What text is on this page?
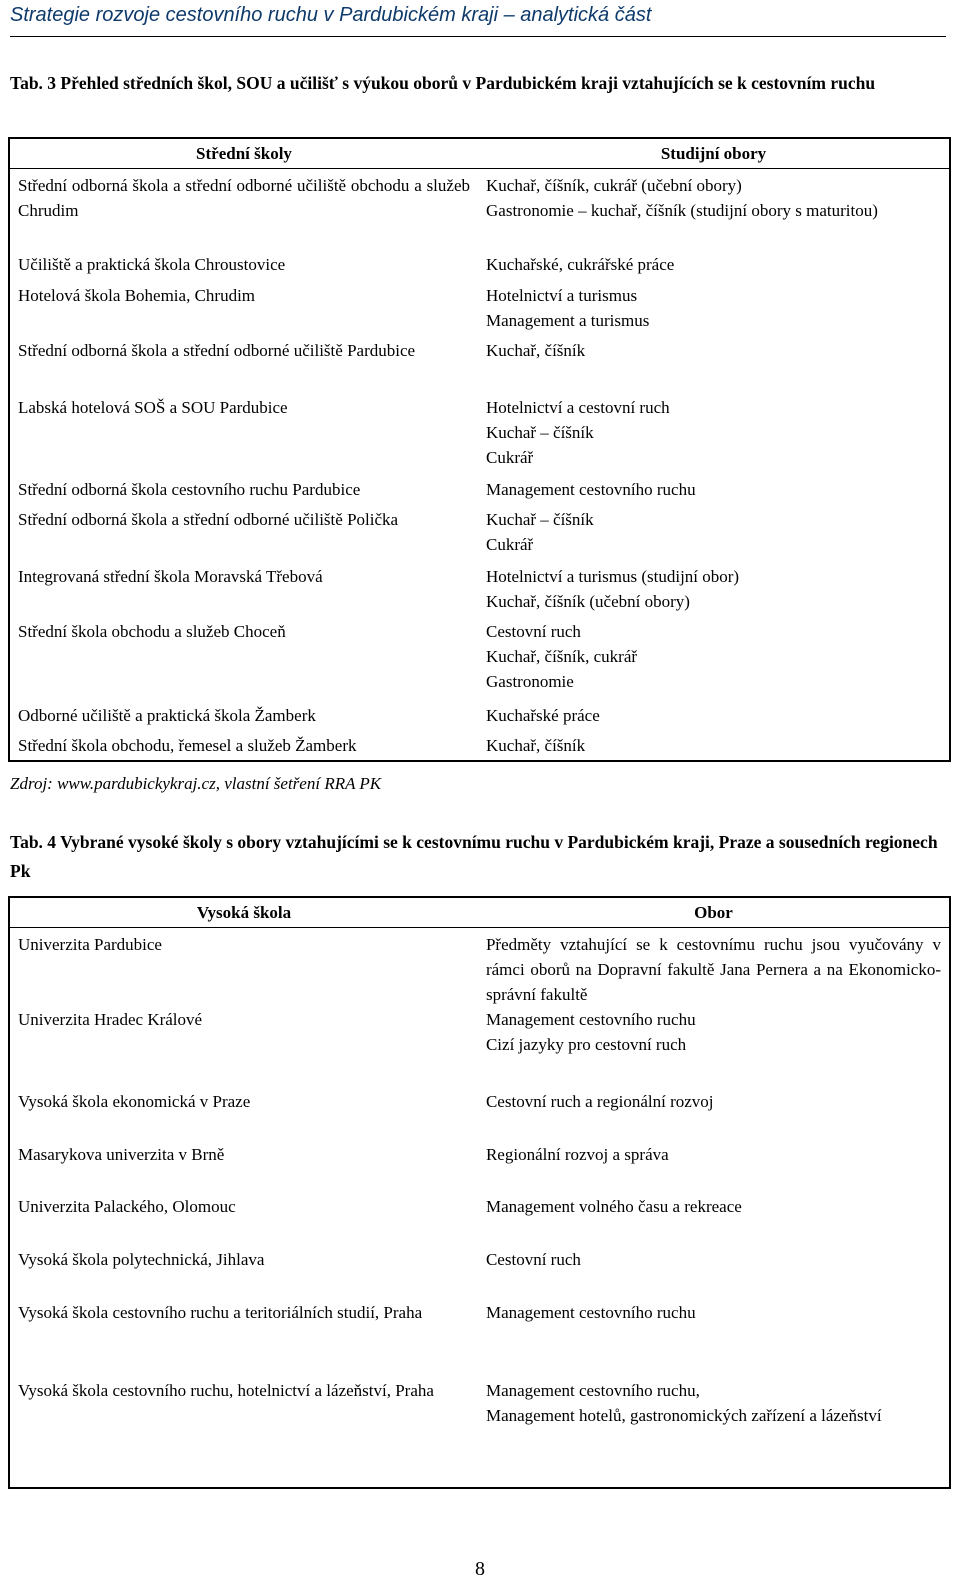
Strategie rozvoje cestovního ruchu v Pardubickém kraji – analytická část
Tab. 3 Přehled středních škol, SOU a učilišť s výukou oborů v Pardubickém kraji vztahujících se k cestovním ruchu
Střední školy	Studijní obory
Střední odborná škola a střední odborné učiliště obchodu a služeb Chrudim	Kuchař, číšník, cukrář (učební obory)
Gastronomie – kuchař, číšník (studijní obory s maturitou)

Učiliště a praktická škola Chroustovice	Kuchařské, cukrářské práce

Hotelová škola Bohemia, Chrudim	Hotelnictví a turismus
Management a turismus

Střední odborná škola a střední odborné učiliště Pardubice	Kuchař, číšník

Labská hotelová SOŠ a SOU Pardubice	Hotelnictví a cestovní ruch
Kuchař – číšník
Cukrář

Střední odborná škola cestovního ruchu Pardubice	Management cestovního ruchu

Střední odborná škola a střední odborné učiliště Polička	Kuchař – číšník
Cukrář

Integrovaná střední škola Moravská Třebová	Hotelnictví a turismus (studijní obor)
Kuchař, číšník (učební obory)

Střední škola obchodu a služeb Choceň	Cestovní ruch
Kuchař, číšník, cukrář
Gastronomie

Odborné učiliště a praktická škola Žamberk	Kuchařské práce

Střední škola obchodu, řemesel a služeb Žamberk	Kuchař, číšník
Zdroj: www.pardubickykraj.cz, vlastní šetření RRA PK
Tab. 4 Vybrané vysoké školy s obory vztahujícími se k cestovnímu ruchu v Pardubickém kraji, Praze a sousedních regionech Pk
Vysoká škola	Obor
Univerzita Pardubice	Předměty vztahující se k cestovnímu ruchu jsou vyučovány v rámci oborů na Dopravní fakultě Jana Pernera a na Ekonomicko-správní fakultě

Univerzita Hradec Králové	Management cestovního ruchu
Cizí jazyky pro cestovní ruch

Vysoká škola ekonomická v Praze	Cestovní ruch a regionální rozvoj

Masarykova univerzita v Brně	Regionální rozvoj a správa

Univerzita Palackého, Olomouc	Management volného času a rekreace

Vysoká škola polytechnická, Jihlava	Cestovní ruch

Vysoká škola cestovního ruchu a teritoriálních studií, Praha	Management cestovního ruchu

Vysoká škola cestovního ruchu, hotelnictví a lázeňství, Praha	Management cestovního ruchu,
Management hotelů, gastronomických zařízení a lázeňství
8
